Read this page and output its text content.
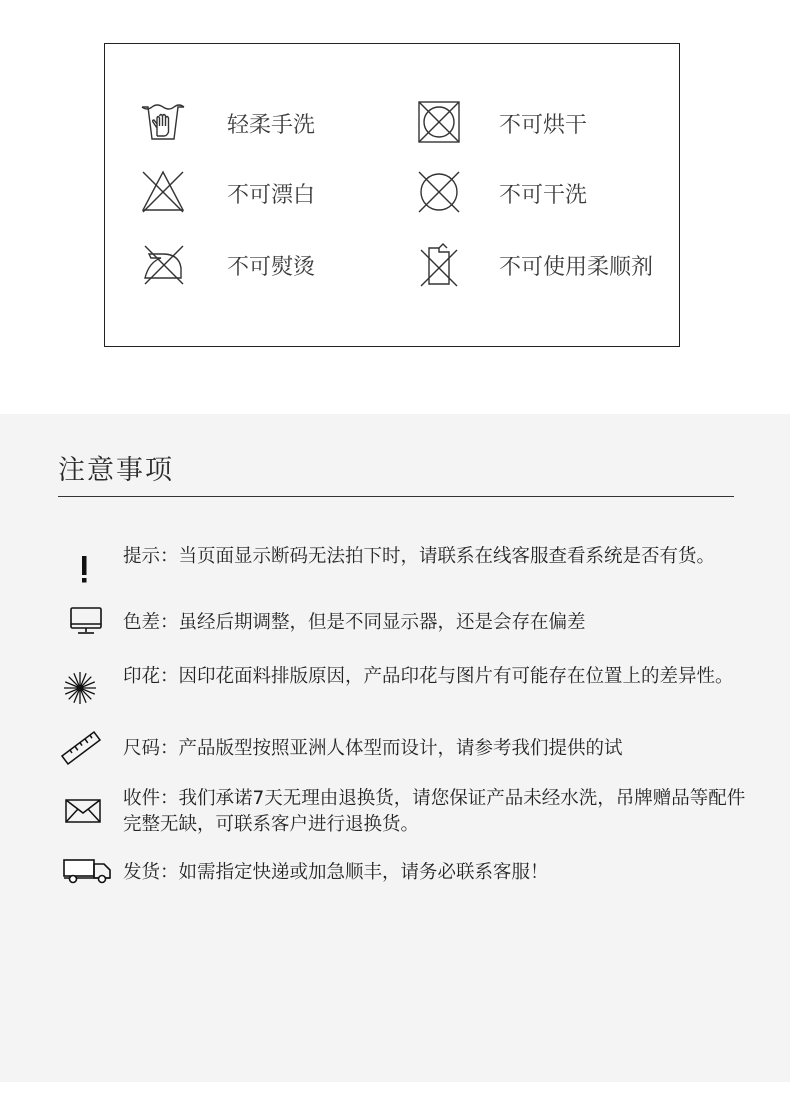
轻柔手洗	不可烘干
不可漂白	不可干洗
不可熨烫	不可使用柔顺剂
注意事项
提示：当页面显示断码无法拍下时，请联系在线客服查看系统是否有货。
色差：虽经后期调整，但是不同显示器，还是会存在偏差
印花：因印花面料排版原因，产品印花与图片有可能存在位置上的差异性。
尺码：产品版型按照亚洲人体型而设计，请参考我们提供的试
收件：我们承诺7天无理由退换货，请您保证产品未经水洗，吊牌赠品等配件完整无缺，可联系客户进行退换货。
发货：如需指定快递或加急顺丰，请务必联系客服！
